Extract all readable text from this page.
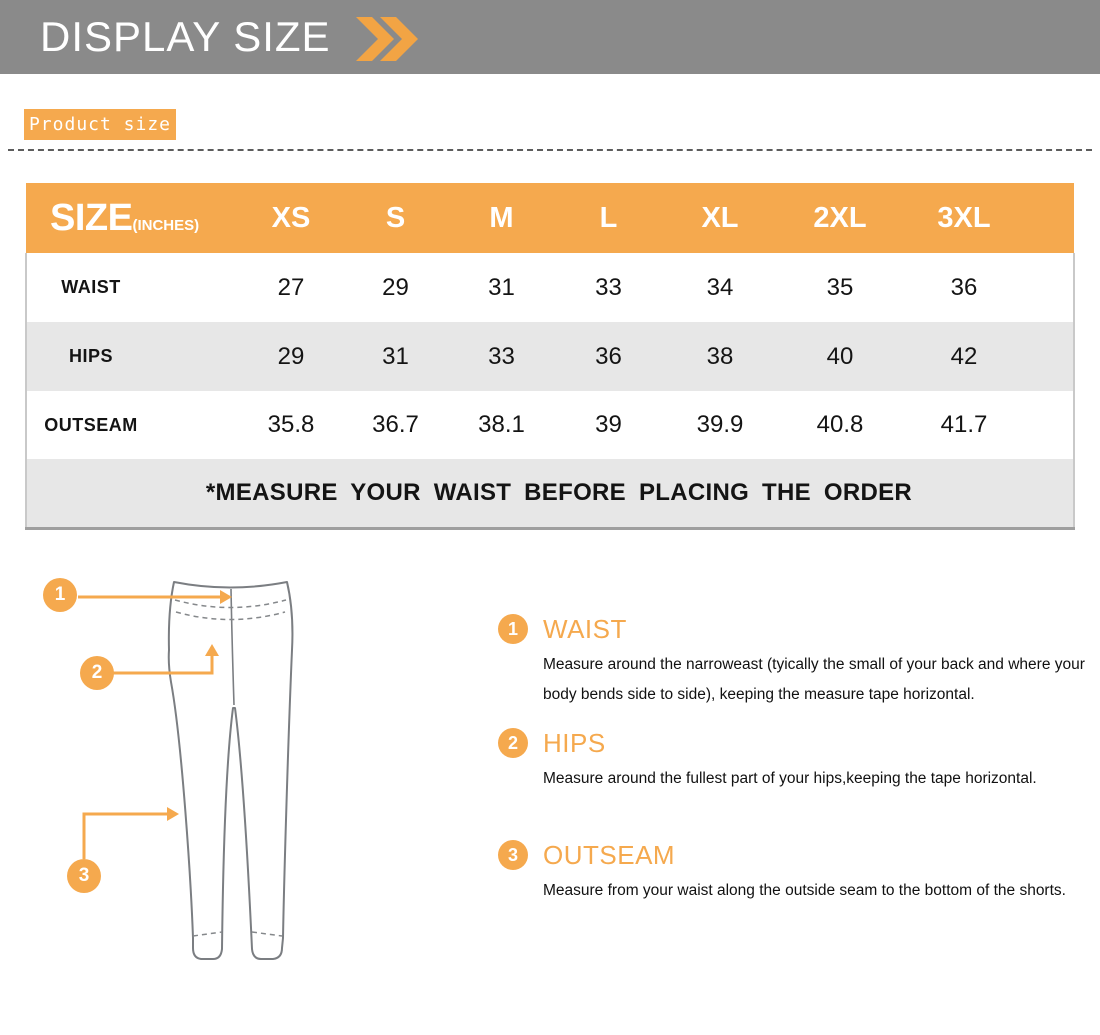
DISPLAY SIZE
Product size
SIZE(INCHES)	XS	S	M	L	XL	2XL	3XL	
WAIST	27	29	31	33	34	35	36	
HIPS	29	31	33	36	38	40	42	
OUTSEAM	35.8	36.7	38.1	39	39.9	40.8	41.7	
*MEASURE YOUR WAIST BEFORE PLACING THE ORDER								
1
2
3
1 WAIST
Measure around the narroweast (tyically the small of your back and where your body bends side to side), keeping the measure tape horizontal.
2 HIPS
Measure around the fullest part of your hips,keeping the tape horizontal.
3 OUTSEAM
Measure from your waist along the outside seam to the bottom of the shorts.
